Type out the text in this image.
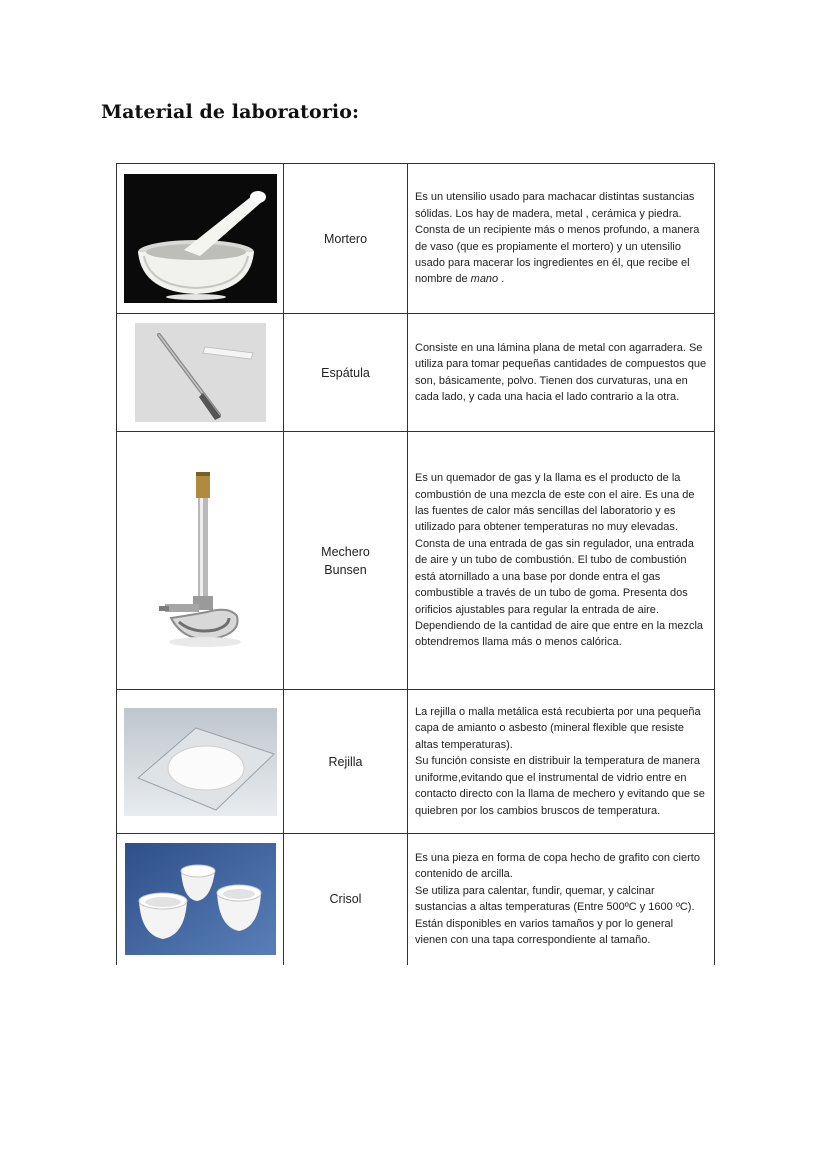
Material de laboratorio:

Mortero	Es un utensilio usado para machacar distintas sustancias sólidas. Los hay de madera, metal , cerámica y piedra.
Consta de un recipiente más o menos profundo, a manera de vaso (que es propiamente el mortero) y un utensilio usado para macerar los ingredientes en él, que recibe el nombre de mano .

Espátula	Consiste en una lámina plana de metal con agarradera. Se utiliza para tomar pequeñas cantidades de compuestos que son, básicamente, polvo. Tienen dos curvaturas, una en cada lado, y cada una hacia el lado contrario a la otra.

Mechero
Bunsen	Es un quemador de gas y la llama es el producto de la combustión de una mezcla de este con el aire. Es una de las fuentes de calor más sencillas del laboratorio y es utilizado para obtener temperaturas no muy elevadas.
Consta de una entrada de gas sin regulador, una entrada de aire y un tubo de combustión. El tubo de combustión está atornillado a una base por donde entra el gas combustible a través de un tubo de goma. Presenta dos orificios ajustables para regular la entrada de aire. Dependiendo de la cantidad de aire que entre en la mezcla obtendremos llama más o menos calórica.

Rejilla	La rejilla o malla metálica está recubierta por una pequeña capa de amianto o asbesto (mineral flexible que resiste altas temperaturas).
Su función consiste en distribuir la temperatura de manera uniforme,evitando que el instrumental de vidrio entre en contacto directo con la llama de mechero y evitando que se quiebren por los cambios bruscos de temperatura.

Crisol	Es una pieza en forma de copa hecho de grafito con cierto contenido de arcilla.
Se utiliza para calentar, fundir, quemar, y calcinar sustancias a altas temperaturas (Entre 500ºC y 1600 ºC). Están disponibles en varios tamaños y por lo general vienen con una tapa correspondiente al tamaño.
